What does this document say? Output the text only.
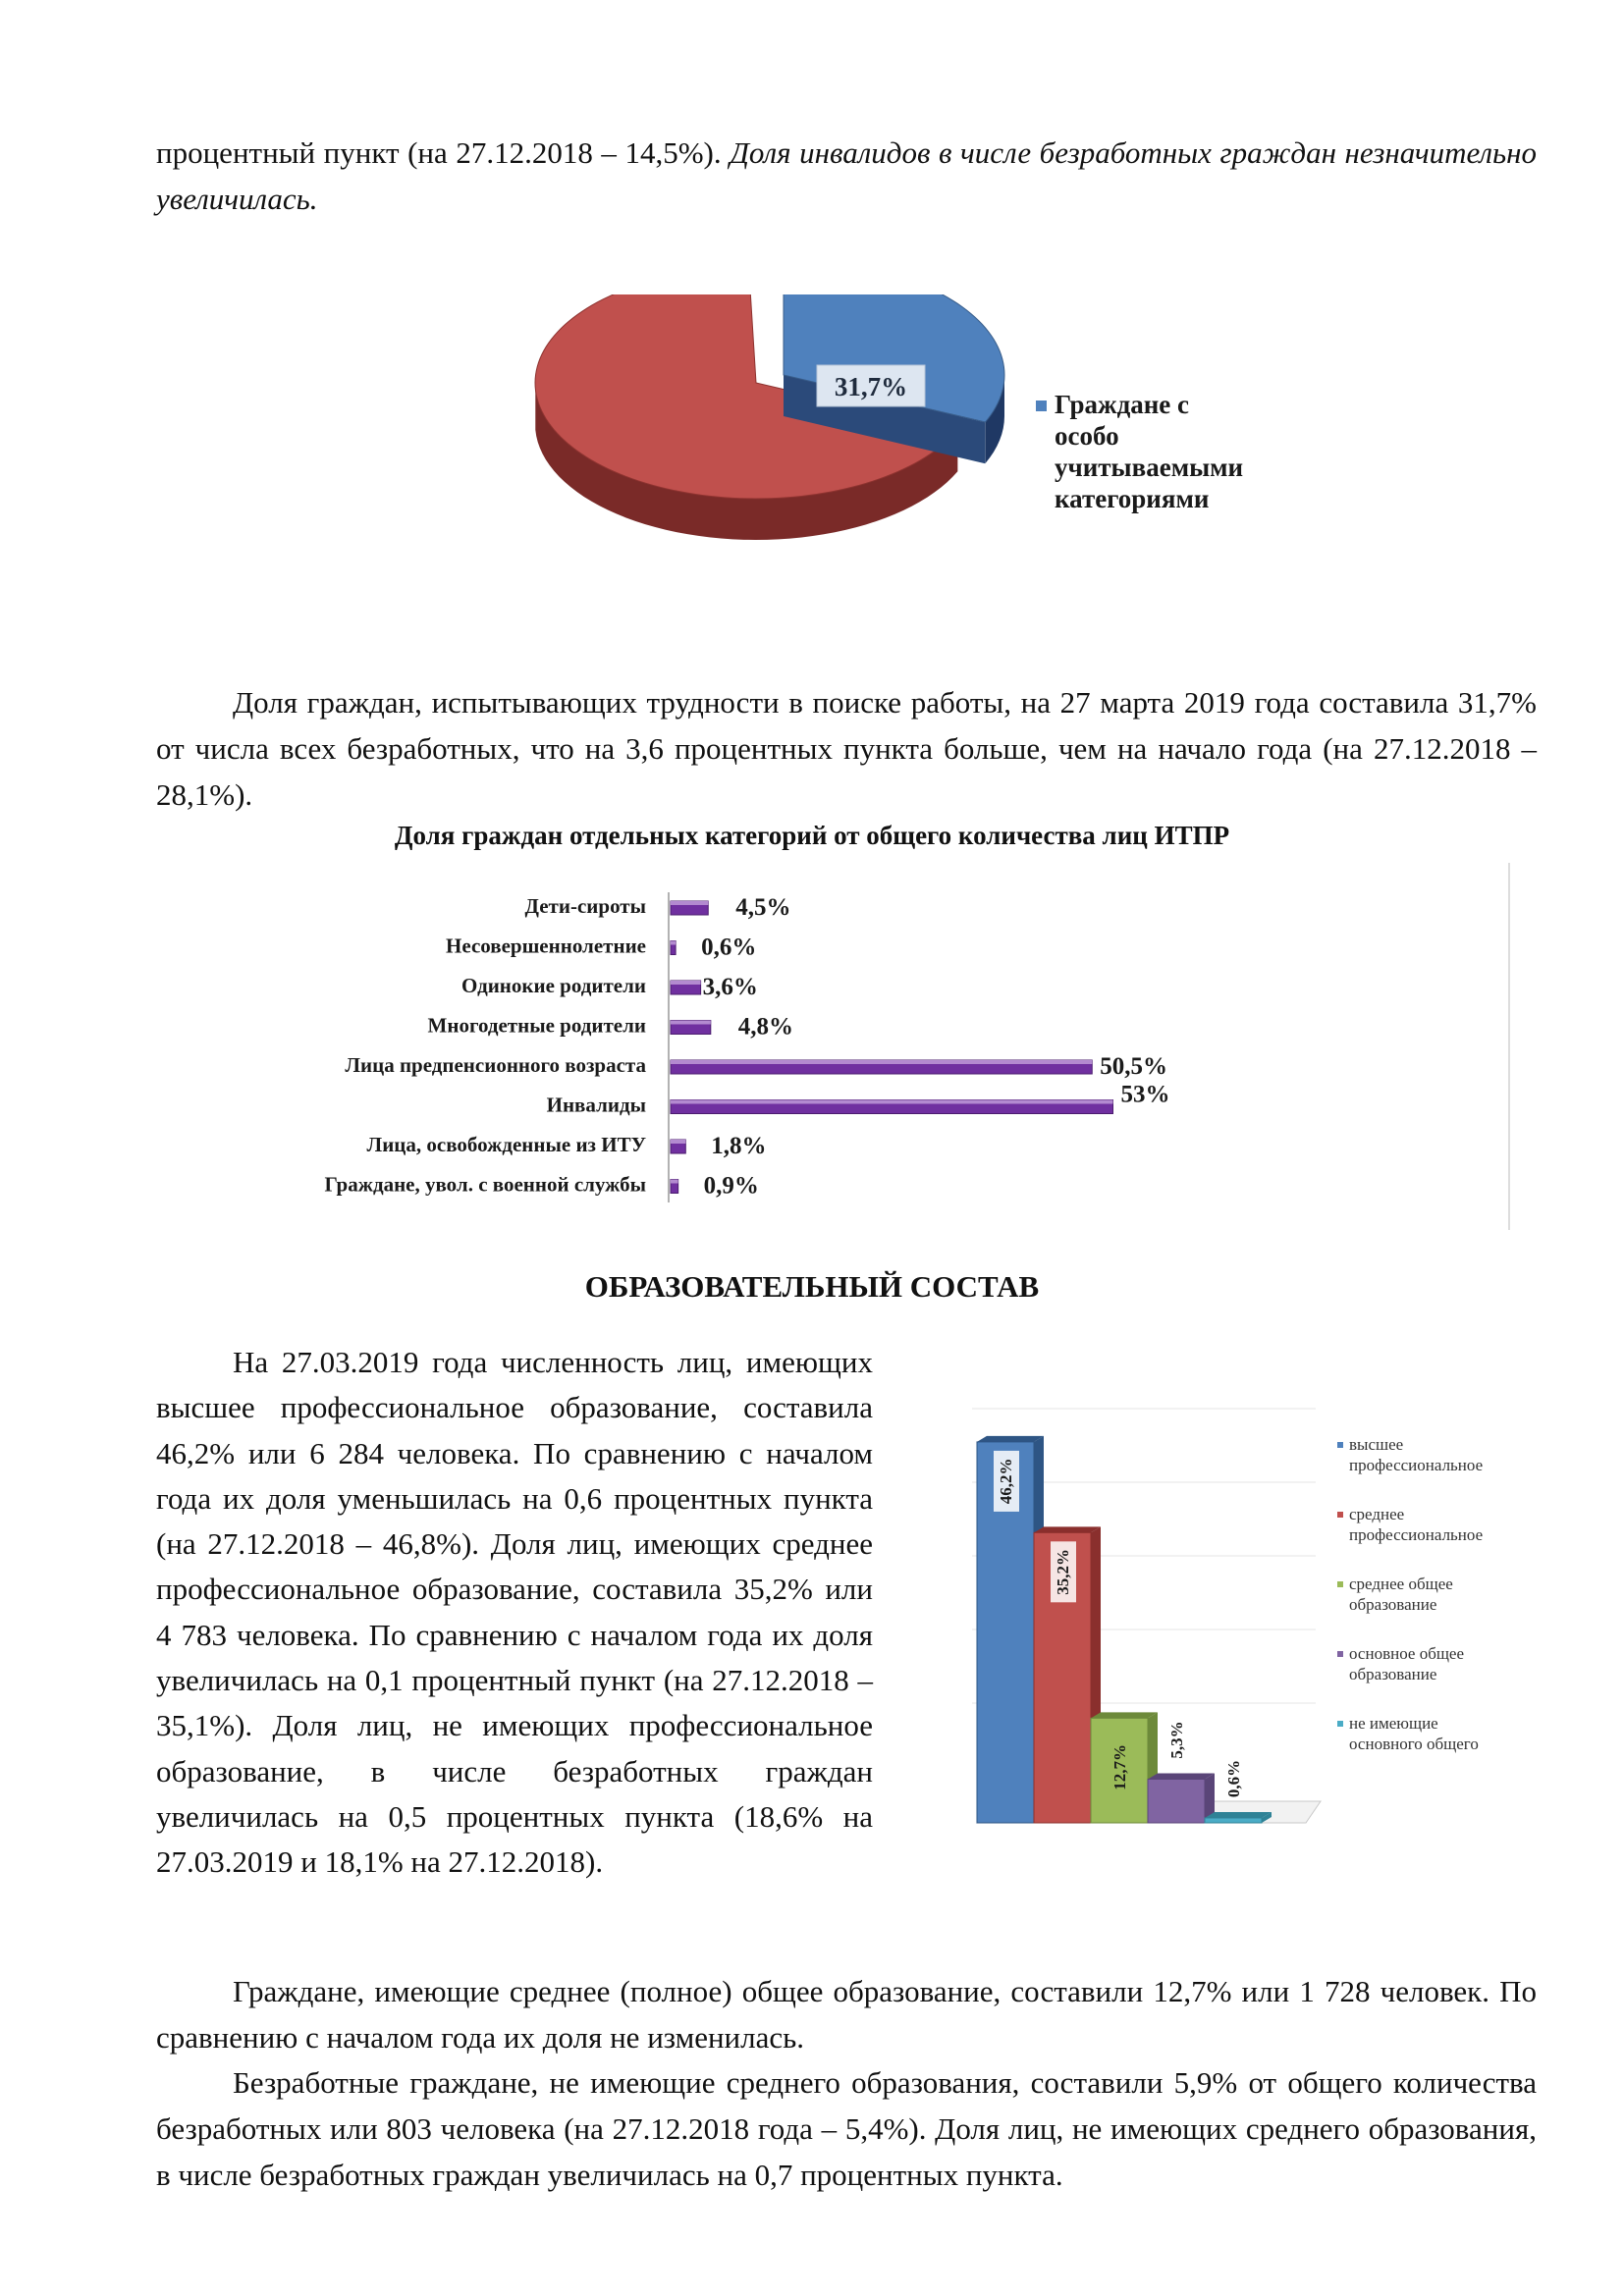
процентный пункт (на 27.12.2018 – 14,5%). Доля инвалидов в числе безработных граждан незначительно увеличилась.

31,7%
Граждане с особо учитываемыми категориями

Доля граждан, испытывающих трудности в поиске работы, на 27 марта 2019 года составила 31,7% от числа всех безработных, что на 3,6 процентных пункта больше, чем на начало года (на 27.12.2018 – 28,1%).

Доля граждан отдельных категорий от общего количества лиц ИТПР

Дети-сироты	4,5%
Несовершеннолетние 0,6%
Одинокие родители 3,6%
Многодетные родители	4,8%
Лица предпенсионного возраста	50,5%
Инвалиды	53%
Лица, освобожденные из ИТУ	1,8%
Граждане, увол. с военной службы 0,9%

ОБРАЗОВАТЕЛЬНЫЙ СОСТАВ

На 27.03.2019 года численность лиц, имеющих высшее профессиональное образование, составила 46,2% или 6 284 человека. По сравнению с началом года их доля уменьшилась на 0,6 процентных пункта (на 27.12.2018 – 46,8%). Доля лиц, имеющих среднее профессиональное образование, составила 35,2% или 4 783 человека. По сравнению с началом года их доля увеличилась на 0,1 процентный пункт (на 27.12.2018 – 35,1%). Доля лиц, не имеющих профессиональное образование, в числе безработных граждан увеличилась на 0,5 процентных пункта (18,6% на 27.03.2019 и 18,1% на 27.12.2018).

46,2%
35,2%
12,7%
5,3%
0,6%
высшее профессиональное
среднее профессиональное
среднее общее образование
основное общее образование
не имеющие основного общего

Граждане, имеющие среднее (полное) общее образование, составили 12,7% или 1 728 человек. По сравнению с началом года их доля не изменилась.

Безработные граждане, не имеющие среднего образования, составили 5,9% от общего количества безработных или 803 человека (на 27.12.2018 года – 5,4%). Доля лиц, не имеющих среднего образования, в числе безработных граждан увеличилась на 0,7 процентных пункта.
